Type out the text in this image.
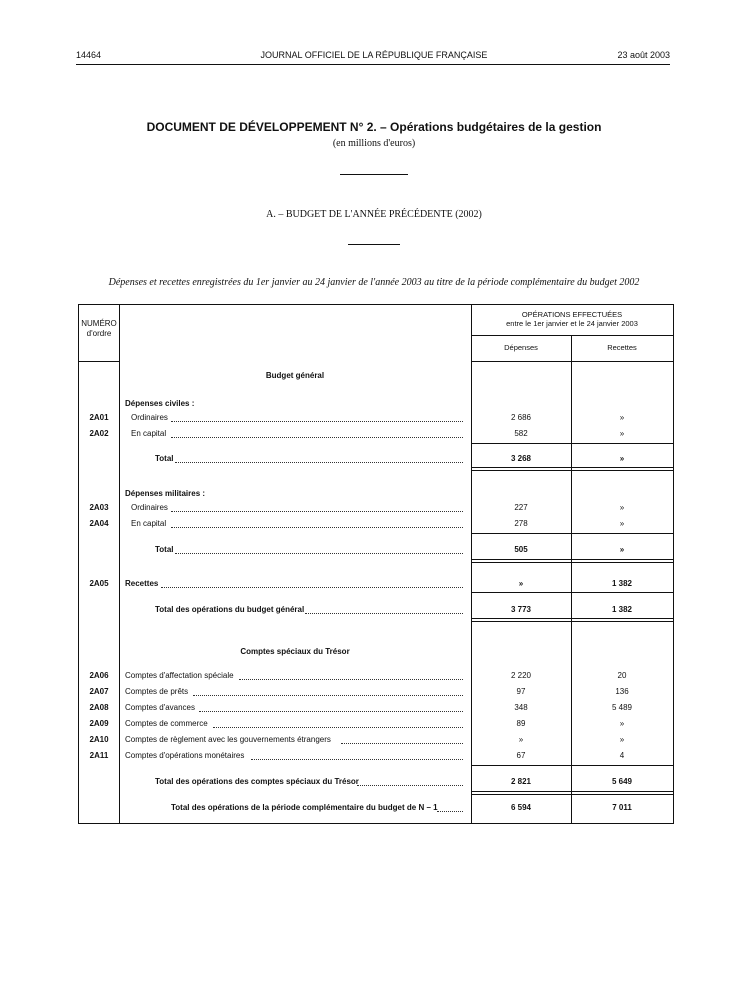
14464	JOURNAL OFFICIEL DE LA RÉPUBLIQUE FRANÇAISE	23 août 2003
DOCUMENT DE DÉVELOPPEMENT N° 2. – Opérations budgétaires de la gestion
(en millions d'euros)
A. – BUDGET DE L'ANNÉE PRÉCÉDENTE (2002)
Dépenses et recettes enregistrées du 1er janvier au 24 janvier de l'année 2003 au titre de la période complémentaire du budget 2002
NUMÉRO
d'ordre
OPÉRATIONS EFFECTUÉES
entre le 1er janvier et le 24 janvier 2003
Dépenses	Recettes
Budget général
Dépenses civiles :
Dépenses militaires :
Comptes spéciaux du Trésor
2A01	Ordinaires	2 686	»
2A02	En capital	582	»
Total	3 268	»
2A03	Ordinaires	227	»
2A04	En capital	278	»
Total	505	»
2A05	Recettes	»	1 382
Total des opérations du budget général	3 773	1 382
2A06	Comptes d'affectation spéciale	2 220	20
2A07	Comptes de prêts	97	136
2A08	Comptes d'avances	348	5 489
2A09	Comptes de commerce	89	»
2A10	Comptes de règlement avec les gouvernements étrangers	»	»
2A11	Comptes d'opérations monétaires	67	4
Total des opérations des comptes spéciaux du Trésor	2 821	5 649
Total des opérations de la période complémentaire du budget de N – 1	6 594	7 011
